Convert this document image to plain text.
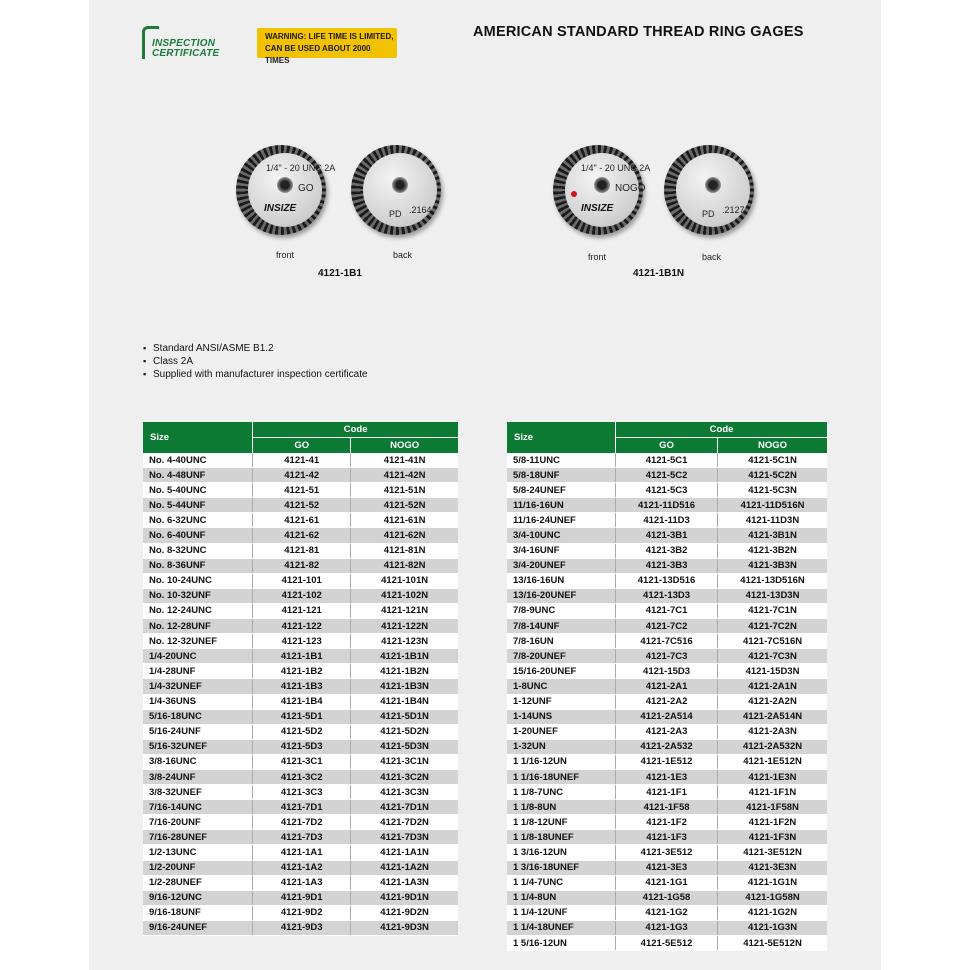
INSPECTION
CERTIFICATE
WARNING: LIFE TIME IS LIMITED,
CAN BE USED ABOUT 2000 TIMES
AMERICAN STANDARD THREAD RING GAGES
1/4" - 20 UNC 2A
GO
INSIZE	PD .2164
front	back
4121-1B1
1/4" - 20 UNC 2A
NOGO
INSIZE	PD .2127
front	back
4121-1B1N
▪ Standard ANSI/ASME B1.2
▪ Class 2A
▪ Supplied with manufacturer inspection certificate
Size	Code	
	GO	NOGO
No. 4-40UNC	4121-41	4121-41N
No. 4-48UNF	4121-42	4121-42N
No. 5-40UNC	4121-51	4121-51N
No. 5-44UNF	4121-52	4121-52N
No. 6-32UNC	4121-61	4121-61N
No. 6-40UNF	4121-62	4121-62N
No. 8-32UNC	4121-81	4121-81N
No. 8-36UNF	4121-82	4121-82N
No. 10-24UNC	4121-101	4121-101N
No. 10-32UNF	4121-102	4121-102N
No. 12-24UNC	4121-121	4121-121N
No. 12-28UNF	4121-122	4121-122N
No. 12-32UNEF	4121-123	4121-123N
1/4-20UNC	4121-1B1	4121-1B1N
1/4-28UNF	4121-1B2	4121-1B2N
1/4-32UNEF	4121-1B3	4121-1B3N
1/4-36UNS	4121-1B4	4121-1B4N
5/16-18UNC	4121-5D1	4121-5D1N
5/16-24UNF	4121-5D2	4121-5D2N
5/16-32UNEF	4121-5D3	4121-5D3N
3/8-16UNC	4121-3C1	4121-3C1N
3/8-24UNF	4121-3C2	4121-3C2N
3/8-32UNEF	4121-3C3	4121-3C3N
7/16-14UNC	4121-7D1	4121-7D1N
7/16-20UNF	4121-7D2	4121-7D2N
7/16-28UNEF	4121-7D3	4121-7D3N
1/2-13UNC	4121-1A1	4121-1A1N
1/2-20UNF	4121-1A2	4121-1A2N
1/2-28UNEF	4121-1A3	4121-1A3N
9/16-12UNC	4121-9D1	4121-9D1N
9/16-18UNF	4121-9D2	4121-9D2N
9/16-24UNEF	4121-9D3	4121-9D3N
Size	Code	
	GO	NOGO
5/8-11UNC	4121-5C1	4121-5C1N
5/8-18UNF	4121-5C2	4121-5C2N
5/8-24UNEF	4121-5C3	4121-5C3N
11/16-16UN	4121-11D516	4121-11D516N
11/16-24UNEF	4121-11D3	4121-11D3N
3/4-10UNC	4121-3B1	4121-3B1N
3/4-16UNF	4121-3B2	4121-3B2N
3/4-20UNEF	4121-3B3	4121-3B3N
13/16-16UN	4121-13D516	4121-13D516N
13/16-20UNEF	4121-13D3	4121-13D3N
7/8-9UNC	4121-7C1	4121-7C1N
7/8-14UNF	4121-7C2	4121-7C2N
7/8-16UN	4121-7C516	4121-7C516N
7/8-20UNEF	4121-7C3	4121-7C3N
15/16-20UNEF	4121-15D3	4121-15D3N
1-8UNC	4121-2A1	4121-2A1N
1-12UNF	4121-2A2	4121-2A2N
1-14UNS	4121-2A514	4121-2A514N
1-20UNEF	4121-2A3	4121-2A3N
1-32UN	4121-2A532	4121-2A532N
1 1/16-12UN	4121-1E512	4121-1E512N
1 1/16-18UNEF	4121-1E3	4121-1E3N
1 1/8-7UNC	4121-1F1	4121-1F1N
1 1/8-8UN	4121-1F58	4121-1F58N
1 1/8-12UNF	4121-1F2	4121-1F2N
1 1/8-18UNEF	4121-1F3	4121-1F3N
1 3/16-12UN	4121-3E512	4121-3E512N
1 3/16-18UNEF	4121-3E3	4121-3E3N
1 1/4-7UNC	4121-1G1	4121-1G1N
1 1/4-8UN	4121-1G58	4121-1G58N
1 1/4-12UNF	4121-1G2	4121-1G2N
1 1/4-18UNEF	4121-1G3	4121-1G3N
1 5/16-12UN	4121-5E512	4121-5E512N
